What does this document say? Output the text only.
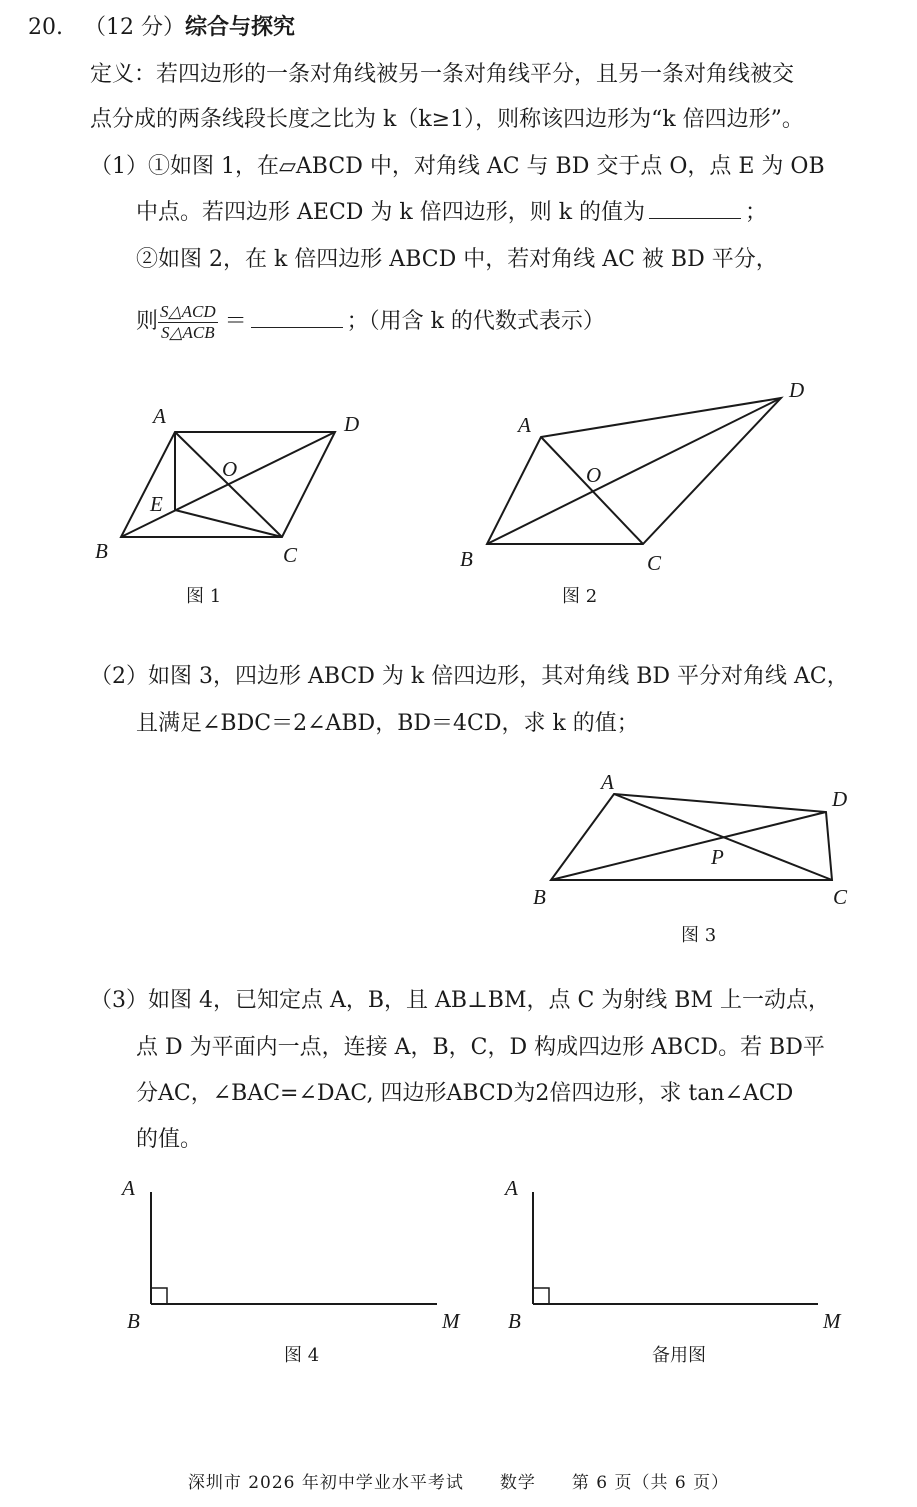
20. （12 分）综合与探究
定义：若四边形的一条对角线被另一条对角线平分，且另一条对角线被交
点分成的两条线段长度之比为 k（k≥1），则称该四边形为“k 倍四边形”。
（1）①如图 1，在▱ABCD 中，对角线 AC 与 BD 交于点 O，点 E 为 OB
中点。若四边形 AECD 为 k 倍四边形，则 k 的值为	；
②如图 2，在 k 倍四边形 ABCD 中，若对角线 AC 被 BD 平分，
则 $\frac{\text{S△ACD}}{\text{S△ACB}}$ ＝	；（用含 k 的代数式表示）
（2）如图 3，四边形 ABCD 为 k 倍四边形，其对角线 BD 平分对角线 AC，
且满足∠BDC＝2∠ABD，BD＝4CD，求 k 的值；
（3）如图 4，已知定点 A，B，且 AB⊥BM，点 C 为射线 BM 上一动点，
点 D 为平面内一点，连接 A，B，C，D 构成四边形 ABCD。若 BD平
分AC，∠BAC=∠DAC, 四边形ABCD为2倍四边形，求 tan∠ACD
的值。
A	D
O
E
B	C
A
D
O
B	C
A
D
P
B	C
A
B	M
A
B	M
图 1	图 2
图 3
图 4	备用图
深圳市 2026 年初中学业水平考试　　数学　　第 6 页（共 6 页）
